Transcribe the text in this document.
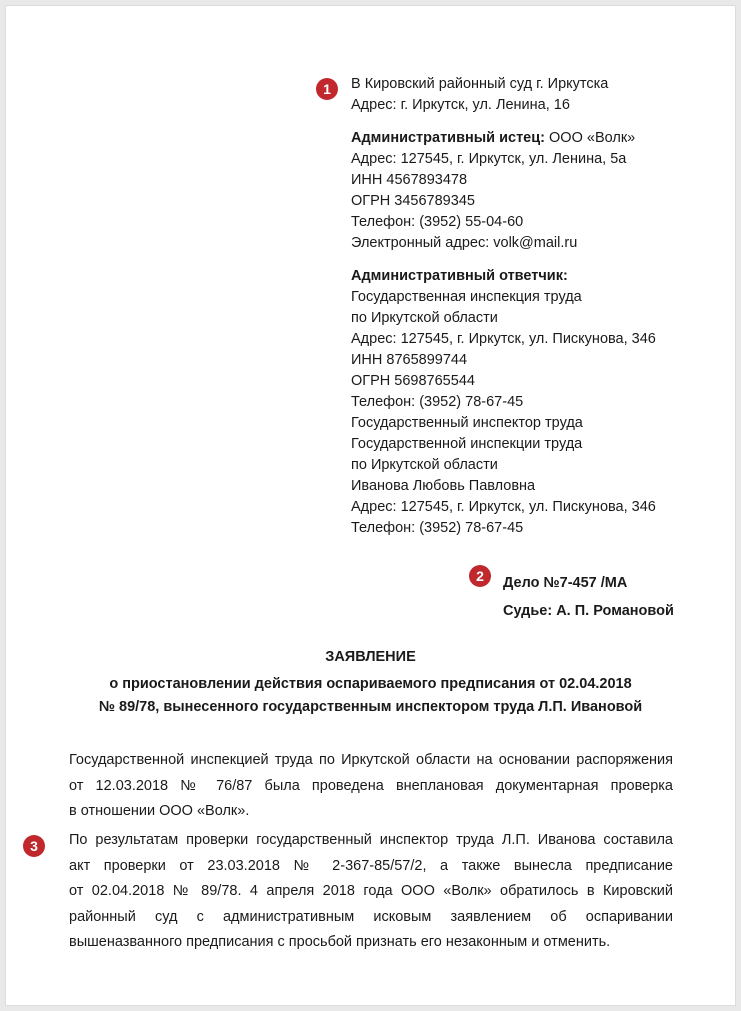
1	В Кировский районный суд г. Иркутска
Адрес: г. Иркутск, ул. Ленина, 16
Административный истец: ООО «Волк»
Адрес: 127545, г. Иркутск, ул. Ленина, 5а
ИНН 4567893478
ОГРН 3456789345
Телефон: (3952) 55-04-60
Электронный адрес: volk@mail.ru
Административный ответчик:
Государственная инспекция труда
по Иркутской области
Адрес: 127545, г. Иркутск, ул. Пискунова, 346
ИНН 8765899744
ОГРН 5698765544
Телефон: (3952) 78-67-45
Государственный инспектор труда
Государственной инспекции труда
по Иркутской области
Иванова Любовь Павловна
Адрес: 127545, г. Иркутск, ул. Пискунова, 346
Телефон: (3952) 78-67-45
2	Дело №7-457 /МА
Судье: А. П. Романовой
ЗАЯВЛЕНИЕ
о приостановлении действия оспариваемого предписания от 02.04.2018
№ 89/78, вынесенного государственным инспектором труда Л.П. Ивановой
Государственной инспекцией труда по Иркутской области на основании распоряжения
от 12.03.2018 № 76/87 была проведена внеплановая документарная проверка
в отношении ООО «Волк».
3	По результатам проверки государственный инспектор труда Л.П. Иванова составила
акт проверки от 23.03.2018 № 2-367-85/57/2, а также вынесла предписание
от 02.04.2018 № 89/78. 4 апреля 2018 года ООО «Волк» обратилось в Кировский
районный суд с административным исковым заявлением об оспаривании
вышеназванного предписания с просьбой признать его незаконным и отменить.
